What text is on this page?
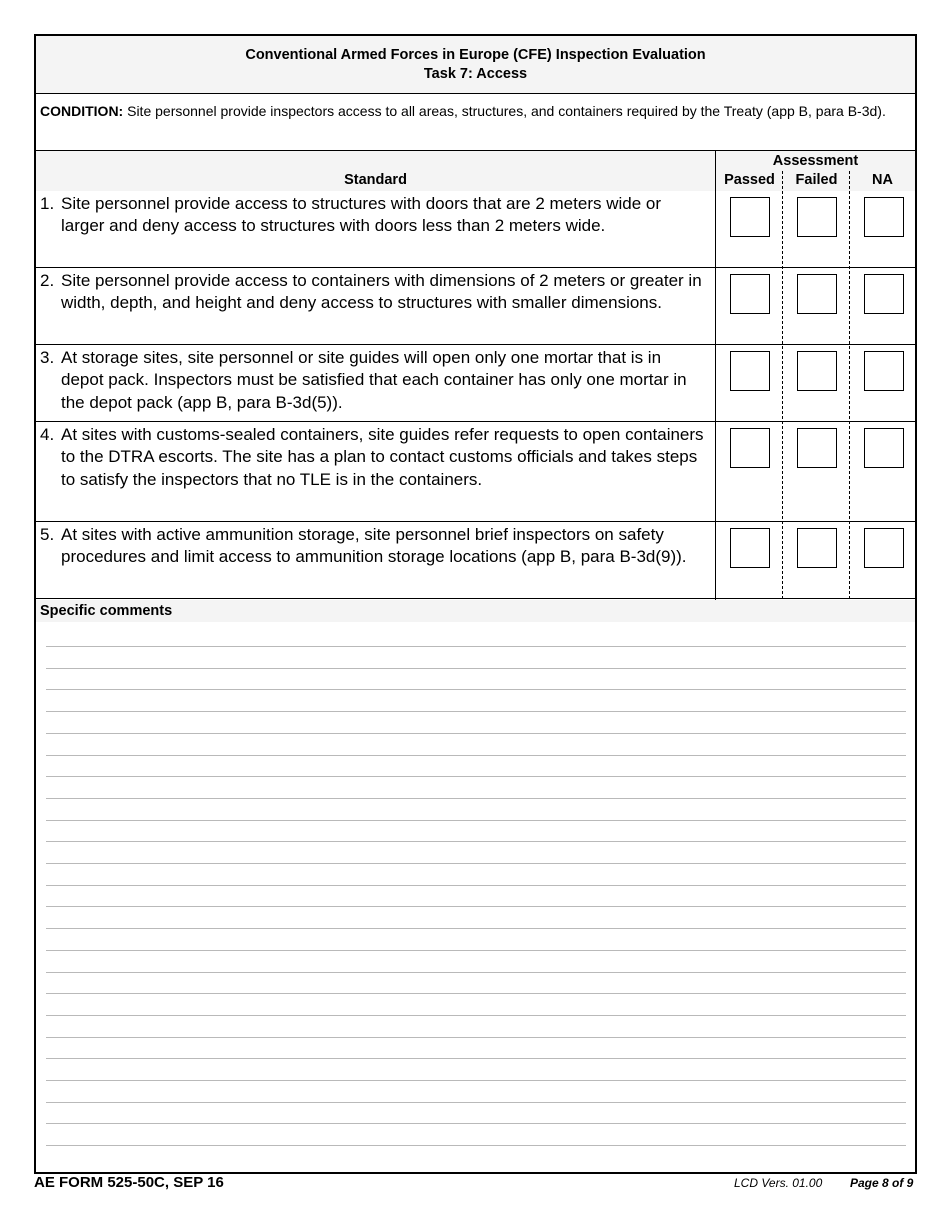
Conventional Armed Forces in Europe (CFE) Inspection Evaluation
Task 7: Access
CONDITION: Site personnel provide inspectors access to all areas, structures, and containers required by the Treaty (app B, para B-3d).
Standard
Assessment
Passed	Failed	NA
1. Site personnel provide access to structures with doors that are 2 meters wide or larger and deny access to structures with doors less than 2 meters wide.
2. Site personnel provide access to containers with dimensions of 2 meters or greater in width, depth, and height and deny access to structures with smaller dimensions.
3. At storage sites, site personnel or site guides will open only one mortar that is in depot pack. Inspectors must be satisfied that each container has only one mortar in the depot pack (app B, para B-3d(5)).
4. At sites with customs-sealed containers, site guides refer requests to open containers to the DTRA escorts. The site has a plan to contact customs officials and takes steps to satisfy the inspectors that no TLE is in the containers.
5. At sites with active ammunition storage, site personnel brief inspectors on safety procedures and limit access to ammunition storage locations (app B, para B-3d(9)).
Specific comments
AE FORM 525-50C, SEP 16	LCD Vers. 01.00 Page 8 of 9
